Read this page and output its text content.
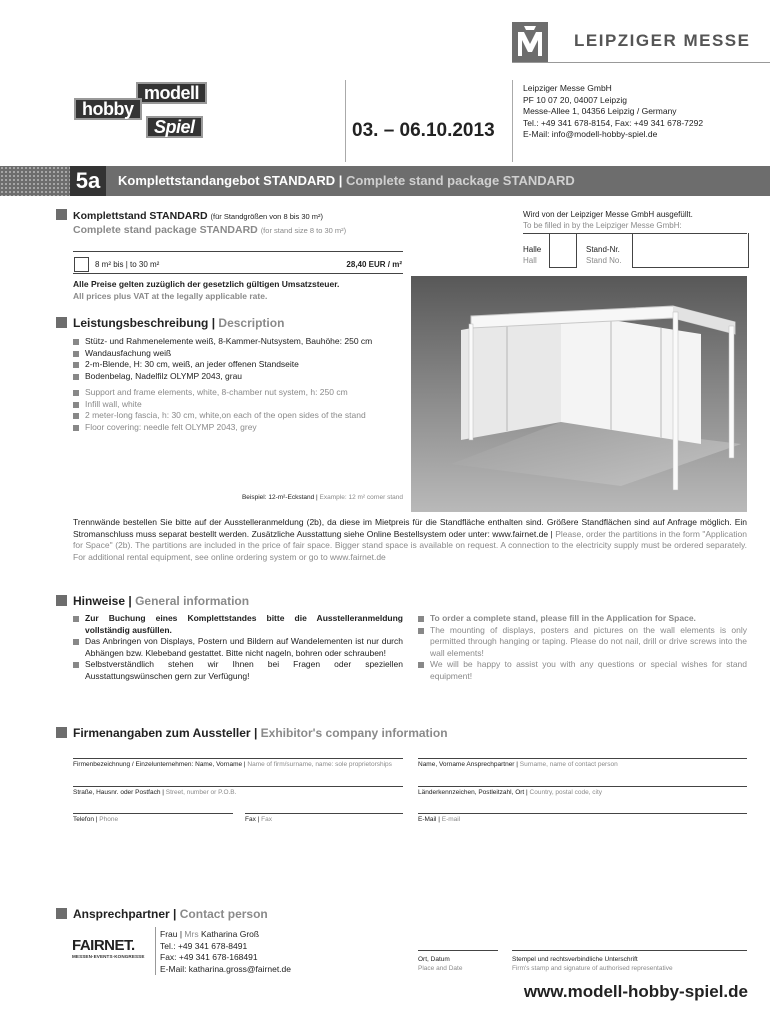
LEIPZIGER MESSE
modell
hobby
Spiel	03. – 06.10.2013
Leipziger Messe GmbH
PF 10 07 20, 04007 Leipzig
Messe-Allee 1, 04356 Leipzig / Germany
Tel.: +49 341 678-8154, Fax: +49 341 678-7292
E-Mail: info@modell-hobby-spiel.de
5a	Komplettstandangebot STANDARD | Complete stand package STANDARD
Komplettstand STANDARD (für Standgrößen von 8 bis 30 m²)
Complete stand package STANDARD (for stand size 8 to 30 m²)
8 m² bis | to 30 m²	28,40 EUR / m²
Alle Preise gelten zuzüglich der gesetzlich gültigen Umsatzsteuer.
All prices plus VAT at the legally applicable rate.
Wird von der Leipziger Messe GmbH ausgefüllt.
To be filled in by the Leipziger Messe GmbH:
Halle
Hall
Stand-Nr.
Stand No.
Leistungsbeschreibung | Description
Stütz- und Rahmenelemente weiß, 8-Kammer-Nutsystem, Bauhöhe: 250 cm
Wandausfachung weiß
2-m-Blende, H: 30 cm, weiß, an jeder offenen Standseite
Bodenbelag, Nadelfilz OLYMP 2043, grau
Support and frame elements, white, 8-chamber nut system, h: 250 cm
Infill wall, white
2 meter-long fascia, h: 30 cm, white,on each of the open sides of the stand
Floor covering: needle felt OLYMP 2043, grey
Beispiel: 12-m²-Eckstand | Example: 12 m² corner stand
Trennwände bestellen Sie bitte auf der Ausstelleranmeldung (2b), da diese im Mietpreis für die Standfläche enthalten sind. Größere Standflächen sind auf Anfrage möglich. Ein Stromanschluss muss separat bestellt werden. Zusätzliche Ausstattung siehe Online Bestellsystem oder unter: www.fairnet.de | Please, order the partitions in the form "Application for Space" (2b). The partitions are included in the price of fair space. Bigger stand space is available on request. A connection to the electricity supply must be ordered separately. For additional rental equipment, see online ordering system or go to www.fairnet.de
Hinweise | General information
Zur Buchung eines Komplettstandes bitte die Ausstelleranmeldung vollständig ausfüllen.
Das Anbringen von Displays, Postern und Bildern auf Wandelementen ist nur durch Abhängen bzw. Klebeband gestattet. Bitte nicht nageln, bohren oder schrauben!
Selbstverständlich stehen wir Ihnen bei Fragen oder speziellen Ausstattungswünschen gern zur Verfügung!
To order a complete stand, please fill in the Application for Space.
The mounting of displays, posters and pictures on the wall elements is only permitted through hanging or taping. Please do not nail, drill or drive screws into the wall elements!
We will be happy to assist you with any questions or special wishes for stand equipment!
Firmenangaben zum Aussteller | Exhibitor's company information
Firmenbezeichnung / Einzelunternehmen: Name, Vorname | Name of firm/surname, name: sole proprietorships	Name, Vorname Ansprechpartner | Surname, name of contact person
Straße, Hausnr. oder Postfach | Street, number or P.O.B.	Länderkennzeichen, Postleitzahl, Ort | Country, postal code, city
Telefon | Phone	Fax | Fax	E-Mail | E-mail
Ansprechpartner | Contact person
FAIRNET.
MESSEN·EVENTS·KONGRESSE
Frau | Mrs Katharina Groß
Tel.: +49 341 678-8491
Fax: +49 341 678-168491
E-Mail: katharina.gross@fairnet.de
Ort, Datum
Place and Date
Stempel und rechtsverbindliche Unterschrift
Firm's stamp and signature of authorised representative
www.modell-hobby-spiel.de
